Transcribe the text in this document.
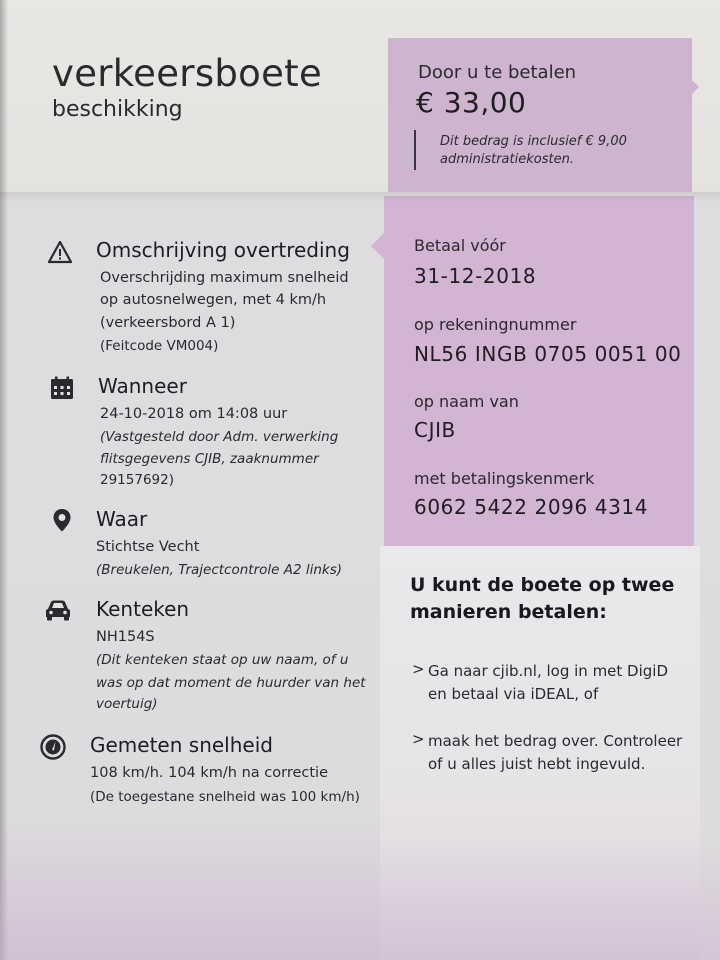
verkeersboete
beschikking
Door u te betalen
€ 33,00
Dit bedrag is inclusief € 9,00 administratiekosten.
Betaal vóór
31-12-2018
op rekeningnummer
NL56 INGB 0705 0051 00
op naam van
CJIB
met betalingskenmerk
6062 5422 2096 4314
Omschrijving overtreding
Overschrijding maximum snelheid
op autosnelwegen, met 4 km/h
(verkeersbord A 1)
(Feitcode VM004)
Wanneer
24-10-2018 om 14:08 uur
(Vastgesteld door Adm. verwerking
flitsgegevens CJIB, zaaknummer
29157692)
Waar
Stichtse Vecht
(Breukelen, Trajectcontrole A2 links)
Kenteken
NH154S
(Dit kenteken staat op uw naam, of u
was op dat moment de huurder van het
voertuig)
Gemeten snelheid
108 km/h. 104 km/h na correctie
(De toegestane snelheid was 100 km/h)
U kunt de boete op twee manieren betalen:
> Ga naar cjib.nl, log in met DigiD en betaal via iDEAL, of
> maak het bedrag over. Controleer of u alles juist hebt ingevuld.
